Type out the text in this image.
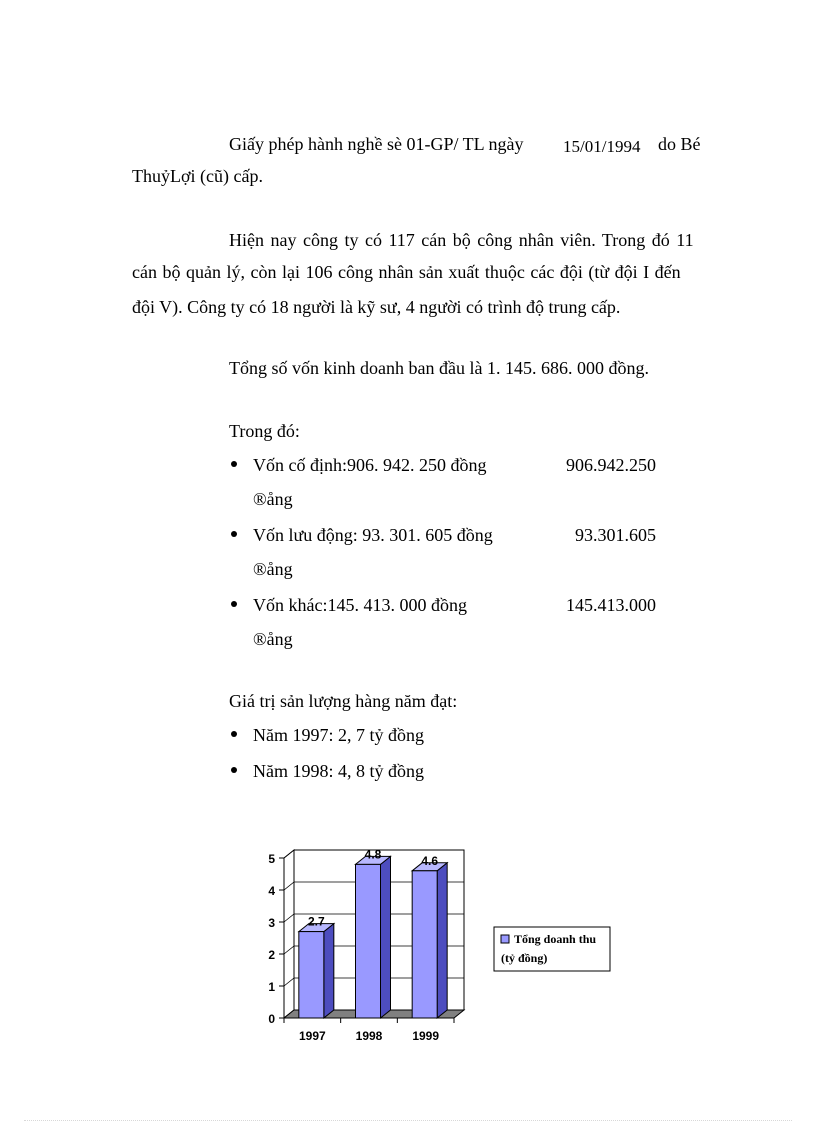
Giấy phép hành nghề sè 01-GP/ TL ngày 15/01/1994 do Bé
ThuỷLợi (cũ) cấp.
Hiện nay công ty có 117 cán bộ công nhân viên. Trong đó 11
cán bộ quản lý, còn lại 106 công nhân sản xuất thuộc các đội (từ đội I đến
đội V). Công ty có 18 người là kỹ sư, 4 người có trình độ trung cấp.
Tổng số vốn kinh doanh ban đầu là 1. 145. 686. 000 đồng.
Trong đó:
Vốn cố định:906. 942. 250 đồng	906.942.250
®ång
Vốn lưu động: 93. 301. 605 đồng	93.301.605
®ång
Vốn khác:145. 413. 000 đồng	145.413.000
®ång
Giá trị sản lượng hàng năm đạt:
Năm 1997: 2, 7 tỷ đồng
Năm 1998: 4, 8 tỷ đồng
0
1
2
3
4
5
2.7
1997
4.8
1998
4.6
1999
Tổng doanh thu
(tỷ đồng)
